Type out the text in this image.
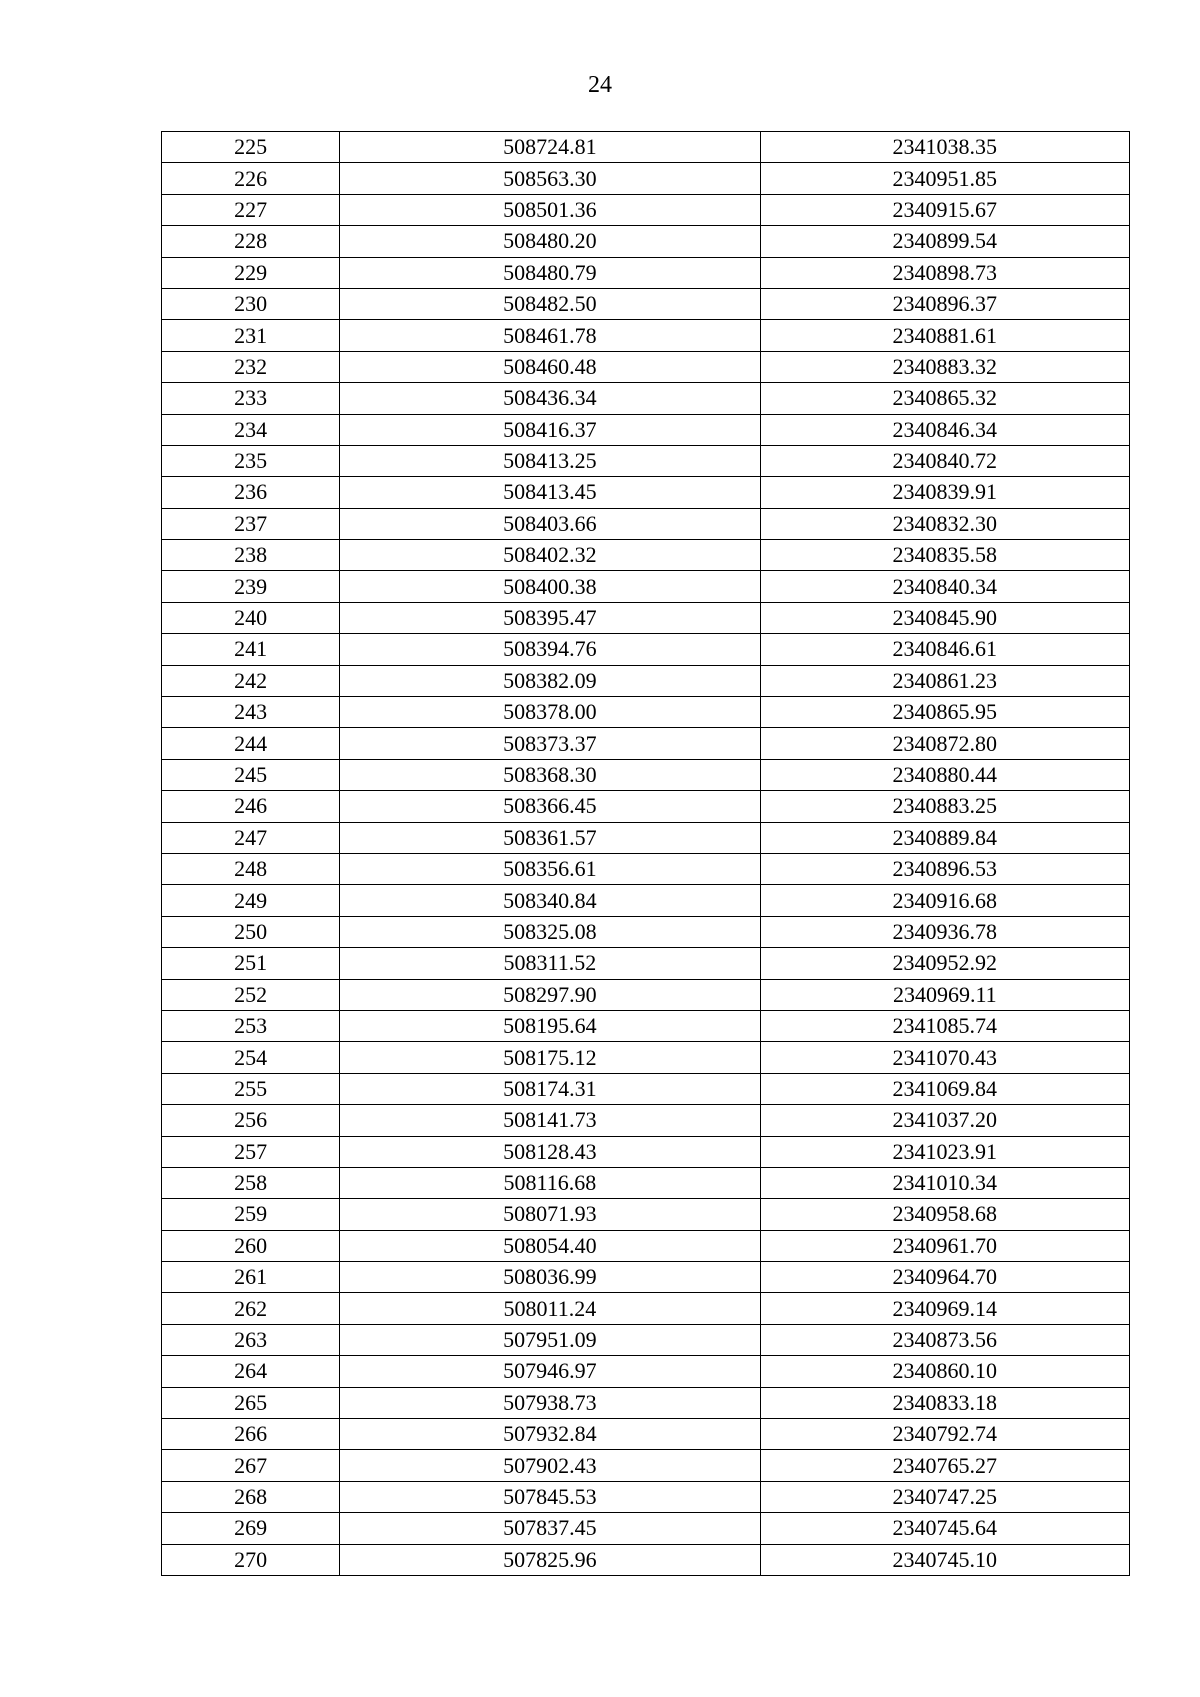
24
225	508724.81	2341038.35
226	508563.30	2340951.85
227	508501.36	2340915.67
228	508480.20	2340899.54
229	508480.79	2340898.73
230	508482.50	2340896.37
231	508461.78	2340881.61
232	508460.48	2340883.32
233	508436.34	2340865.32
234	508416.37	2340846.34
235	508413.25	2340840.72
236	508413.45	2340839.91
237	508403.66	2340832.30
238	508402.32	2340835.58
239	508400.38	2340840.34
240	508395.47	2340845.90
241	508394.76	2340846.61
242	508382.09	2340861.23
243	508378.00	2340865.95
244	508373.37	2340872.80
245	508368.30	2340880.44
246	508366.45	2340883.25
247	508361.57	2340889.84
248	508356.61	2340896.53
249	508340.84	2340916.68
250	508325.08	2340936.78
251	508311.52	2340952.92
252	508297.90	2340969.11
253	508195.64	2341085.74
254	508175.12	2341070.43
255	508174.31	2341069.84
256	508141.73	2341037.20
257	508128.43	2341023.91
258	508116.68	2341010.34
259	508071.93	2340958.68
260	508054.40	2340961.70
261	508036.99	2340964.70
262	508011.24	2340969.14
263	507951.09	2340873.56
264	507946.97	2340860.10
265	507938.73	2340833.18
266	507932.84	2340792.74
267	507902.43	2340765.27
268	507845.53	2340747.25
269	507837.45	2340745.64
270	507825.96	2340745.10
